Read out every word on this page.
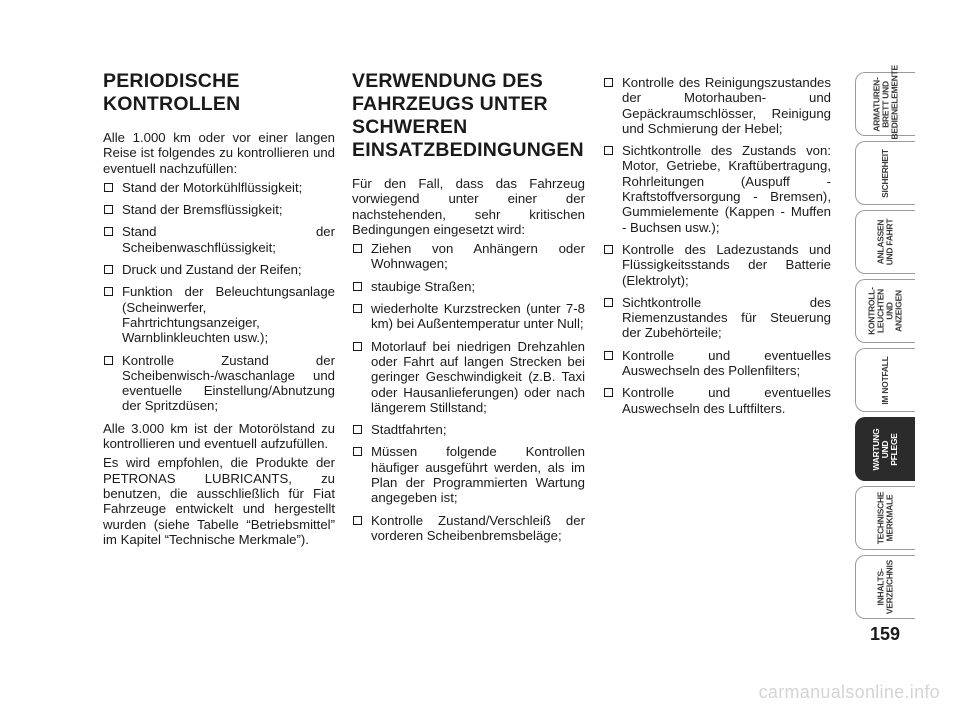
PERIODISCHE KONTROLLEN

Alle 1.000 km oder vor einer langen Reise ist folgendes zu kontrollieren und eventuell nachzufüllen:

Stand der Motorkühlflüssigkeit;
Stand der Bremsflüssigkeit;
Stand der Scheibenwaschflüssigkeit;
Druck und Zustand der Reifen;
Funktion der Beleuchtungsanlage (Scheinwerfer, Fahrtrichtungsanzeiger, Warnblinkleuchten usw.);
Kontrolle Zustand der Scheibenwisch-/waschanlage und eventuelle Einstellung/Abnutzung der Spritzdüsen;

Alle 3.000 km ist der Motorölstand zu kontrollieren und eventuell aufzufüllen.

Es wird empfohlen, die Produkte der PETRONAS LUBRICANTS, zu benutzen, die ausschließlich für Fiat Fahrzeuge entwickelt und hergestellt wurden (siehe Tabelle “Betriebsmittel” im Kapitel “Technische Merkmale”).

VERWENDUNG DES FAHRZEUGS UNTER SCHWEREN EINSATZBEDINGUNGEN

Für den Fall, dass das Fahrzeug vorwiegend unter einer der nachstehenden, sehr kritischen Bedingungen eingesetzt wird:

Ziehen von Anhängern oder Wohnwagen;
staubige Straßen;
wiederholte Kurzstrecken (unter 7-8 km) bei Außentemperatur unter Null;
Motorlauf bei niedrigen Drehzahlen oder Fahrt auf langen Strecken bei geringer Geschwindigkeit (z.B. Taxi oder Hausanlieferungen) oder nach längerem Stillstand;
Stadtfahrten;
Müssen folgende Kontrollen häufiger ausgeführt werden, als im Plan der Programmierten Wartung angegeben ist;
Kontrolle Zustand/Verschleiß der vorderen Scheibenbremsbeläge;
Kontrolle des Reinigungszustandes der Motorhauben- und Gepäckraumschlösser, Reinigung und Schmierung der Hebel;
Sichtkontrolle des Zustands von: Motor, Getriebe, Kraftübertragung, Rohrleitungen (Auspuff - Kraftstoffversorgung - Bremsen), Gummielemente (Kappen - Muffen - Buchsen usw.);
Kontrolle des Ladezustands und Flüssigkeitsstands der Batterie (Elektrolyt);
Sichtkontrolle des Riemenzustandes für Steuerung der Zubehörteile;
Kontrolle und eventuelles Auswechseln des Pollenfilters;
Kontrolle und eventuelles Auswechseln des Luftfilters.
ARMATUREN-
BRETT UND
BEDIENELEMENTE
SICHERHEIT
ANLASSEN
UND FAHRT
KONTROLL-
LEUCHTEN UND
ANZEIGEN
IM NOTFALL
WARTUNG UND
PFLEGE
TECHNISCHE
MERKMALE
INHALTS-
VERZEICHNIS
159
carmanualsonline.info
